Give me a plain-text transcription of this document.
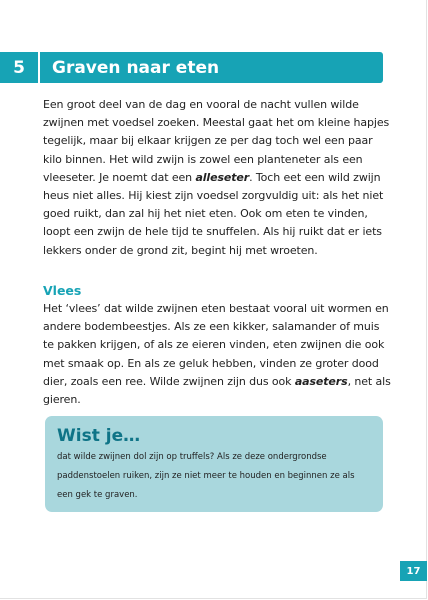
5	Graven naar eten

Een groot deel van de dag en vooral de nacht vullen wilde zwijnen met voedsel zoeken. Meestal gaat het om kleine hapjes tegelijk, maar bij elkaar krijgen ze per dag toch wel een paar kilo binnen. Het wild zwijn is zowel een planteneter als een vleeseter. Je noemt dat een alleseter. Toch eet een wild zwijn heus niet alles. Hij kiest zijn voedsel zorgvuldig uit: als het niet goed ruikt, dan zal hij het niet eten. Ook om eten te vinden, loopt een zwijn de hele tijd te snuffelen. Als hij ruikt dat er iets lekkers onder de grond zit, begint hij met wroeten.

Vlees

Het ‘vlees’ dat wilde zwijnen eten bestaat vooral uit wormen en andere bodembeestjes. Als ze een kikker, salamander of muis te pakken krijgen, of als ze eieren vinden, eten zwijnen die ook met smaak op. En als ze geluk hebben, vinden ze groter dood dier, zoals een ree. Wilde zwijnen zijn dus ook aaseters, net als gieren.

Wist je…

dat wilde zwijnen dol zijn op truffels? Als ze deze ondergrondse paddenstoelen ruiken, zijn ze niet meer te houden en beginnen ze als een gek te graven.

17
